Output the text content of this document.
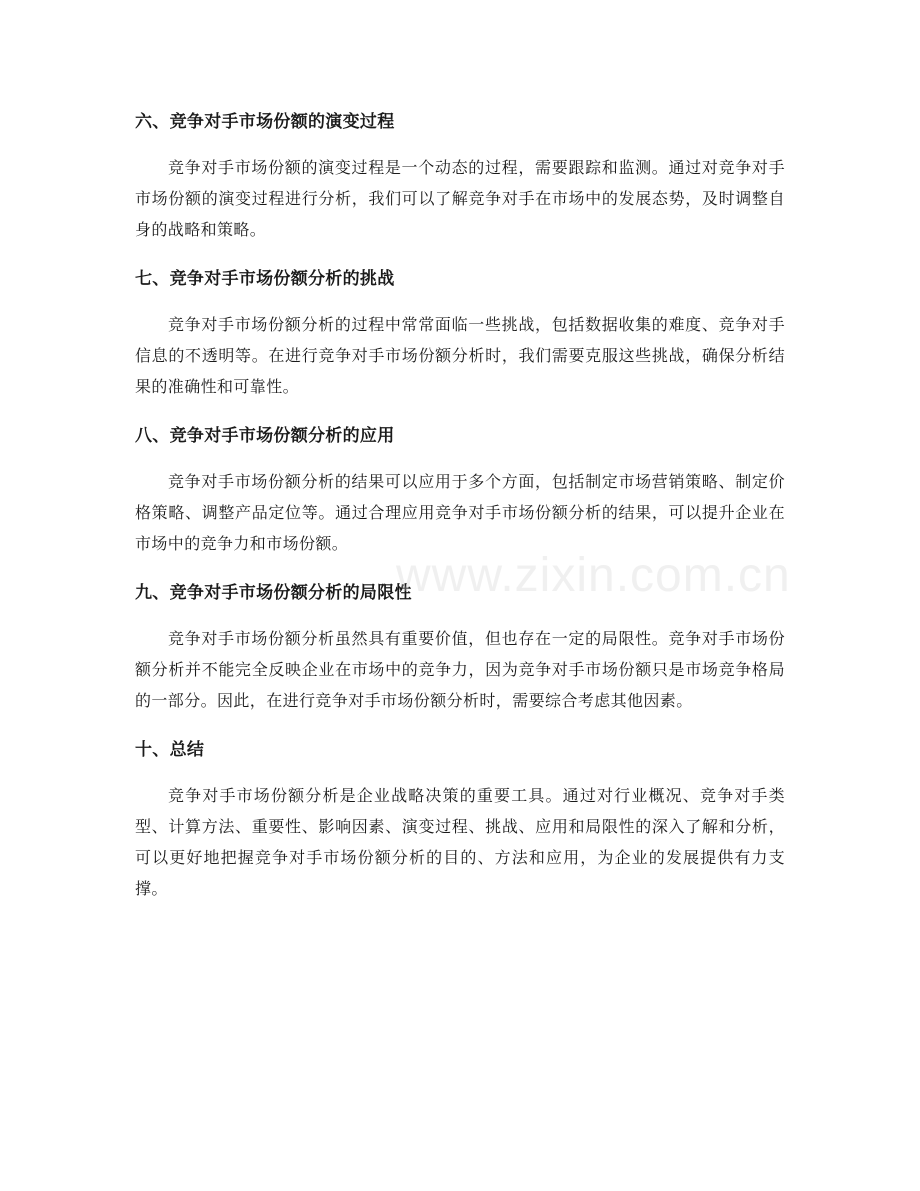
六、竞争对手市场份额的演变过程

竞争对手市场份额的演变过程是一个动态的过程，需要跟踪和监测。通过对竞争对手市场份额的演变过程进行分析，我们可以了解竞争对手在市场中的发展态势，及时调整自身的战略和策略。

七、竞争对手市场份额分析的挑战

竞争对手市场份额分析的过程中常常面临一些挑战，包括数据收集的难度、竞争对手信息的不透明等。在进行竞争对手市场份额分析时，我们需要克服这些挑战，确保分析结果的准确性和可靠性。

八、竞争对手市场份额分析的应用

竞争对手市场份额分析的结果可以应用于多个方面，包括制定市场营销策略、制定价格策略、调整产品定位等。通过合理应用竞争对手市场份额分析的结果，可以提升企业在市场中的竞争力和市场份额。

九、竞争对手市场份额分析的局限性

竞争对手市场份额分析虽然具有重要价值，但也存在一定的局限性。竞争对手市场份额分析并不能完全反映企业在市场中的竞争力，因为竞争对手市场份额只是市场竞争格局的一部分。因此，在进行竞争对手市场份额分析时，需要综合考虑其他因素。

十、总结

竞争对手市场份额分析是企业战略决策的重要工具。通过对行业概况、竞争对手类型、计算方法、重要性、影响因素、演变过程、挑战、应用和局限性的深入了解和分析，可以更好地把握竞争对手市场份额分析的目的、方法和应用，为企业的发展提供有力支撑。

www.zixin.com.cn
